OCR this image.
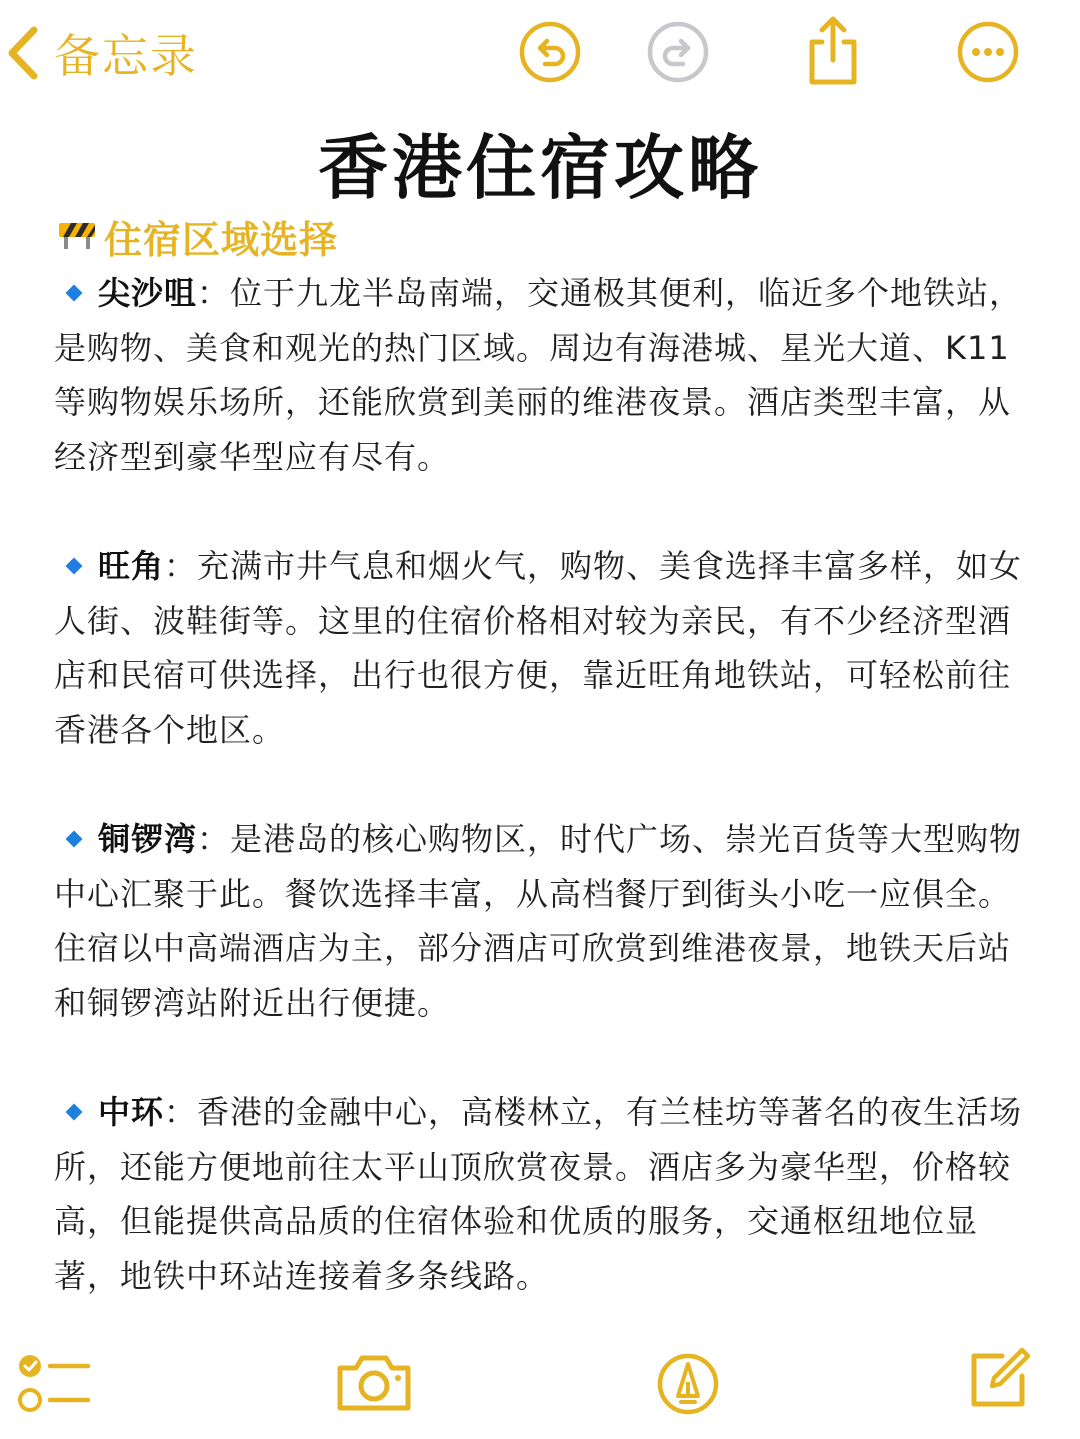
备忘录
香港住宿攻略
住宿区域选择
尖沙咀：位于九龙半岛南端，交通极其便利，临近多个地铁站，是购物、美食和观光的热门区域。周边有海港城、星光大道、K11等购物娱乐场所，还能欣赏到美丽的维港夜景。酒店类型丰富，从经济型到豪华型应有尽有。
旺角：充满市井气息和烟火气，购物、美食选择丰富多样，如女人街、波鞋街等。这里的住宿价格相对较为亲民，有不少经济型酒店和民宿可供选择，出行也很方便，靠近旺角地铁站，可轻松前往香港各个地区。
铜锣湾：是港岛的核心购物区，时代广场、崇光百货等大型购物中心汇聚于此。餐饮选择丰富，从高档餐厅到街头小吃一应俱全。住宿以中高端酒店为主，部分酒店可欣赏到维港夜景，地铁天后站和铜锣湾站附近出行便捷。
中环：香港的金融中心，高楼林立，有兰桂坊等著名的夜生活场所，还能方便地前往太平山顶欣赏夜景。酒店多为豪华型，价格较高，但能提供高品质的住宿体验和优质的服务，交通枢纽地位显著，地铁中环站连接着多条线路。
